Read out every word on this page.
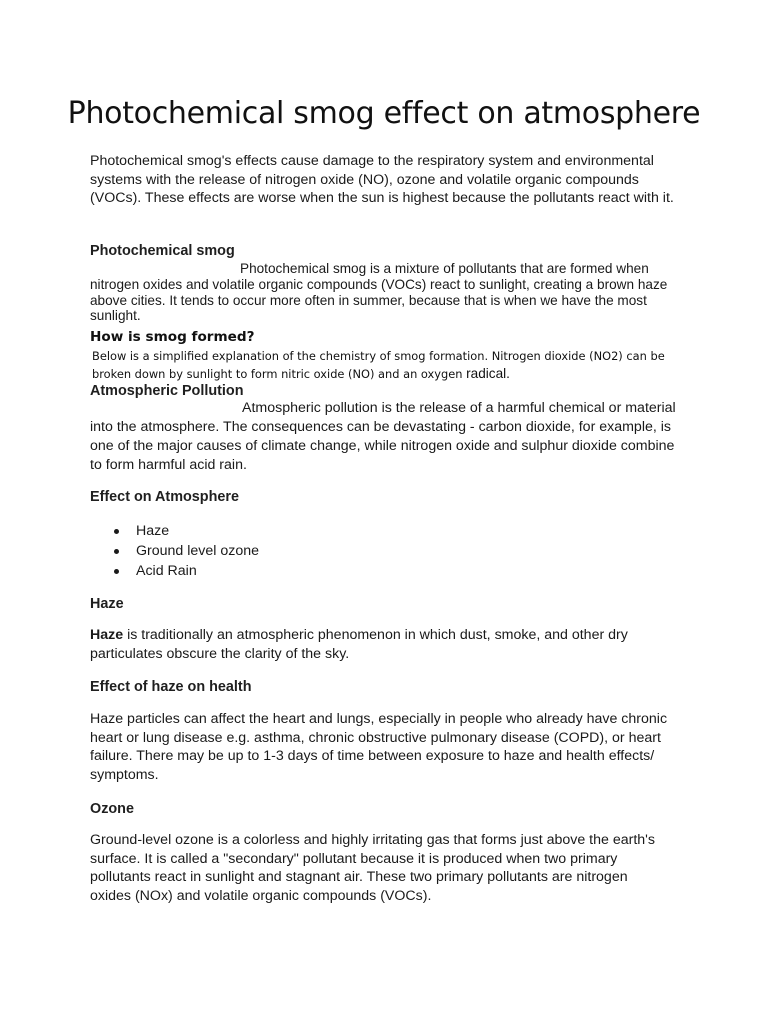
Photochemical smog effect on atmosphere

Photochemical smog's effects cause damage to the respiratory system and environmental systems with the release of nitrogen oxide (NO), ozone and volatile organic compounds (VOCs). These effects are worse when the sun is highest because the pollutants react with it.

Photochemical smog

Photochemical smog is a mixture of pollutants that are formed when nitrogen oxides and volatile organic compounds (VOCs) react to sunlight, creating a brown haze above cities. It tends to occur more often in summer, because that is when we have the most sunlight.

How is smog formed?

Below is a simplified explanation of the chemistry of smog formation. Nitrogen dioxide (NO2) can be broken down by sunlight to form nitric oxide (NO) and an oxygen radical.

Atmospheric Pollution

Atmospheric pollution is the release of a harmful chemical or material into the atmosphere. The consequences can be devastating - carbon dioxide, for example, is one of the major causes of climate change, while nitrogen oxide and sulphur dioxide combine to form harmful acid rain.

Effect on Atmosphere
Haze
Ground level ozone
Acid Rain
Haze

Haze is traditionally an atmospheric phenomenon in which dust, smoke, and other dry particulates obscure the clarity of the sky.

Effect of haze on health

Haze particles can affect the heart and lungs, especially in people who already have chronic heart or lung disease e.g. asthma, chronic obstructive pulmonary disease (COPD), or heart failure. There may be up to 1-3 days of time between exposure to haze and health effects/ symptoms.

Ozone

Ground-level ozone is a colorless and highly irritating gas that forms just above the earth's surface. It is called a "secondary" pollutant because it is produced when two primary pollutants react in sunlight and stagnant air. These two primary pollutants are nitrogen oxides (NOx) and volatile organic compounds (VOCs).
